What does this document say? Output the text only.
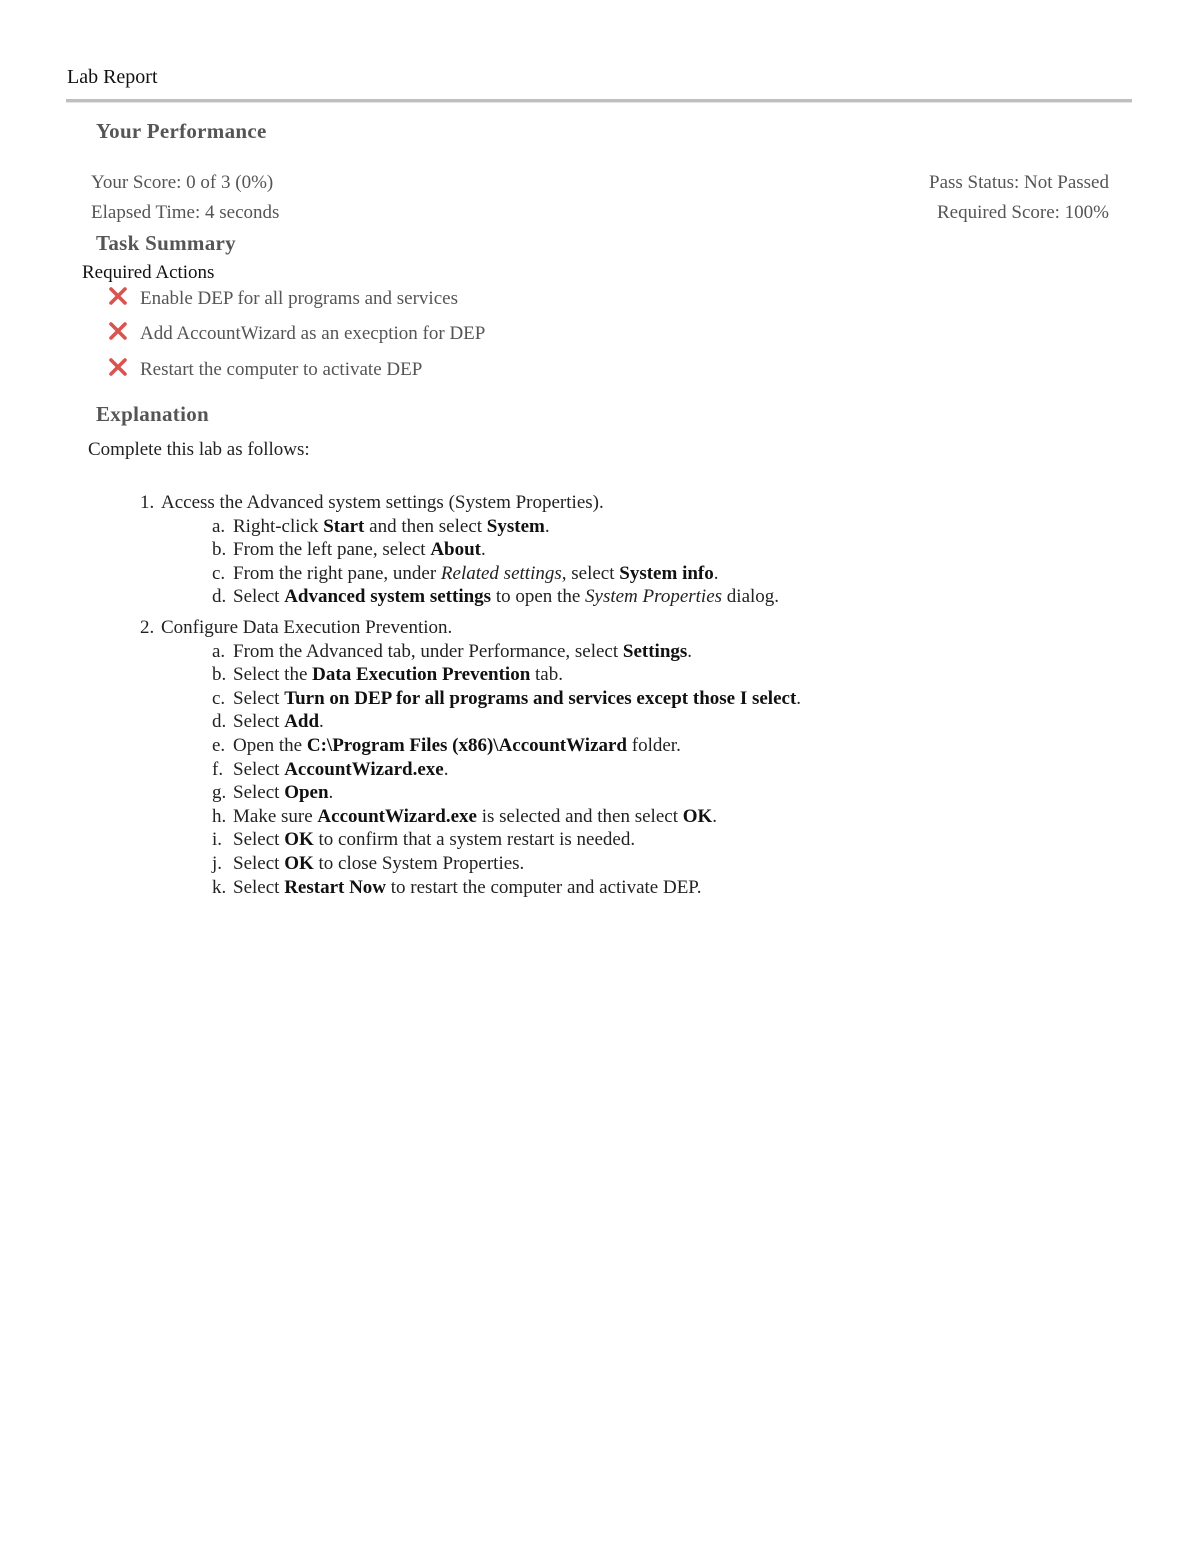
Lab Report
Your Performance
Your Score: 0 of 3 (0%)
Elapsed Time: 4 seconds
Pass Status: Not Passed
Required Score: 100%
Task Summary
Required Actions
Enable DEP for all programs and services
Add AccountWizard as an execption for DEP
Restart the computer to activate DEP
Explanation
Complete this lab as follows:
1. Access the Advanced system settings (System Properties).
a. Right-click Start and then select System.
b. From the left pane, select About.
c. From the right pane, under Related settings, select System info.
d. Select Advanced system settings to open the System Properties dialog.
2. Configure Data Execution Prevention.
a. From the Advanced tab, under Performance, select Settings.
b. Select the Data Execution Prevention tab.
c. Select Turn on DEP for all programs and services except those I select.
d. Select Add.
e. Open the C:\Program Files (x86)\AccountWizard folder.
f. Select AccountWizard.exe.
g. Select Open.
h. Make sure AccountWizard.exe is selected and then select OK.
i. Select OK to confirm that a system restart is needed.
j. Select OK to close System Properties.
k. Select Restart Now to restart the computer and activate DEP.
